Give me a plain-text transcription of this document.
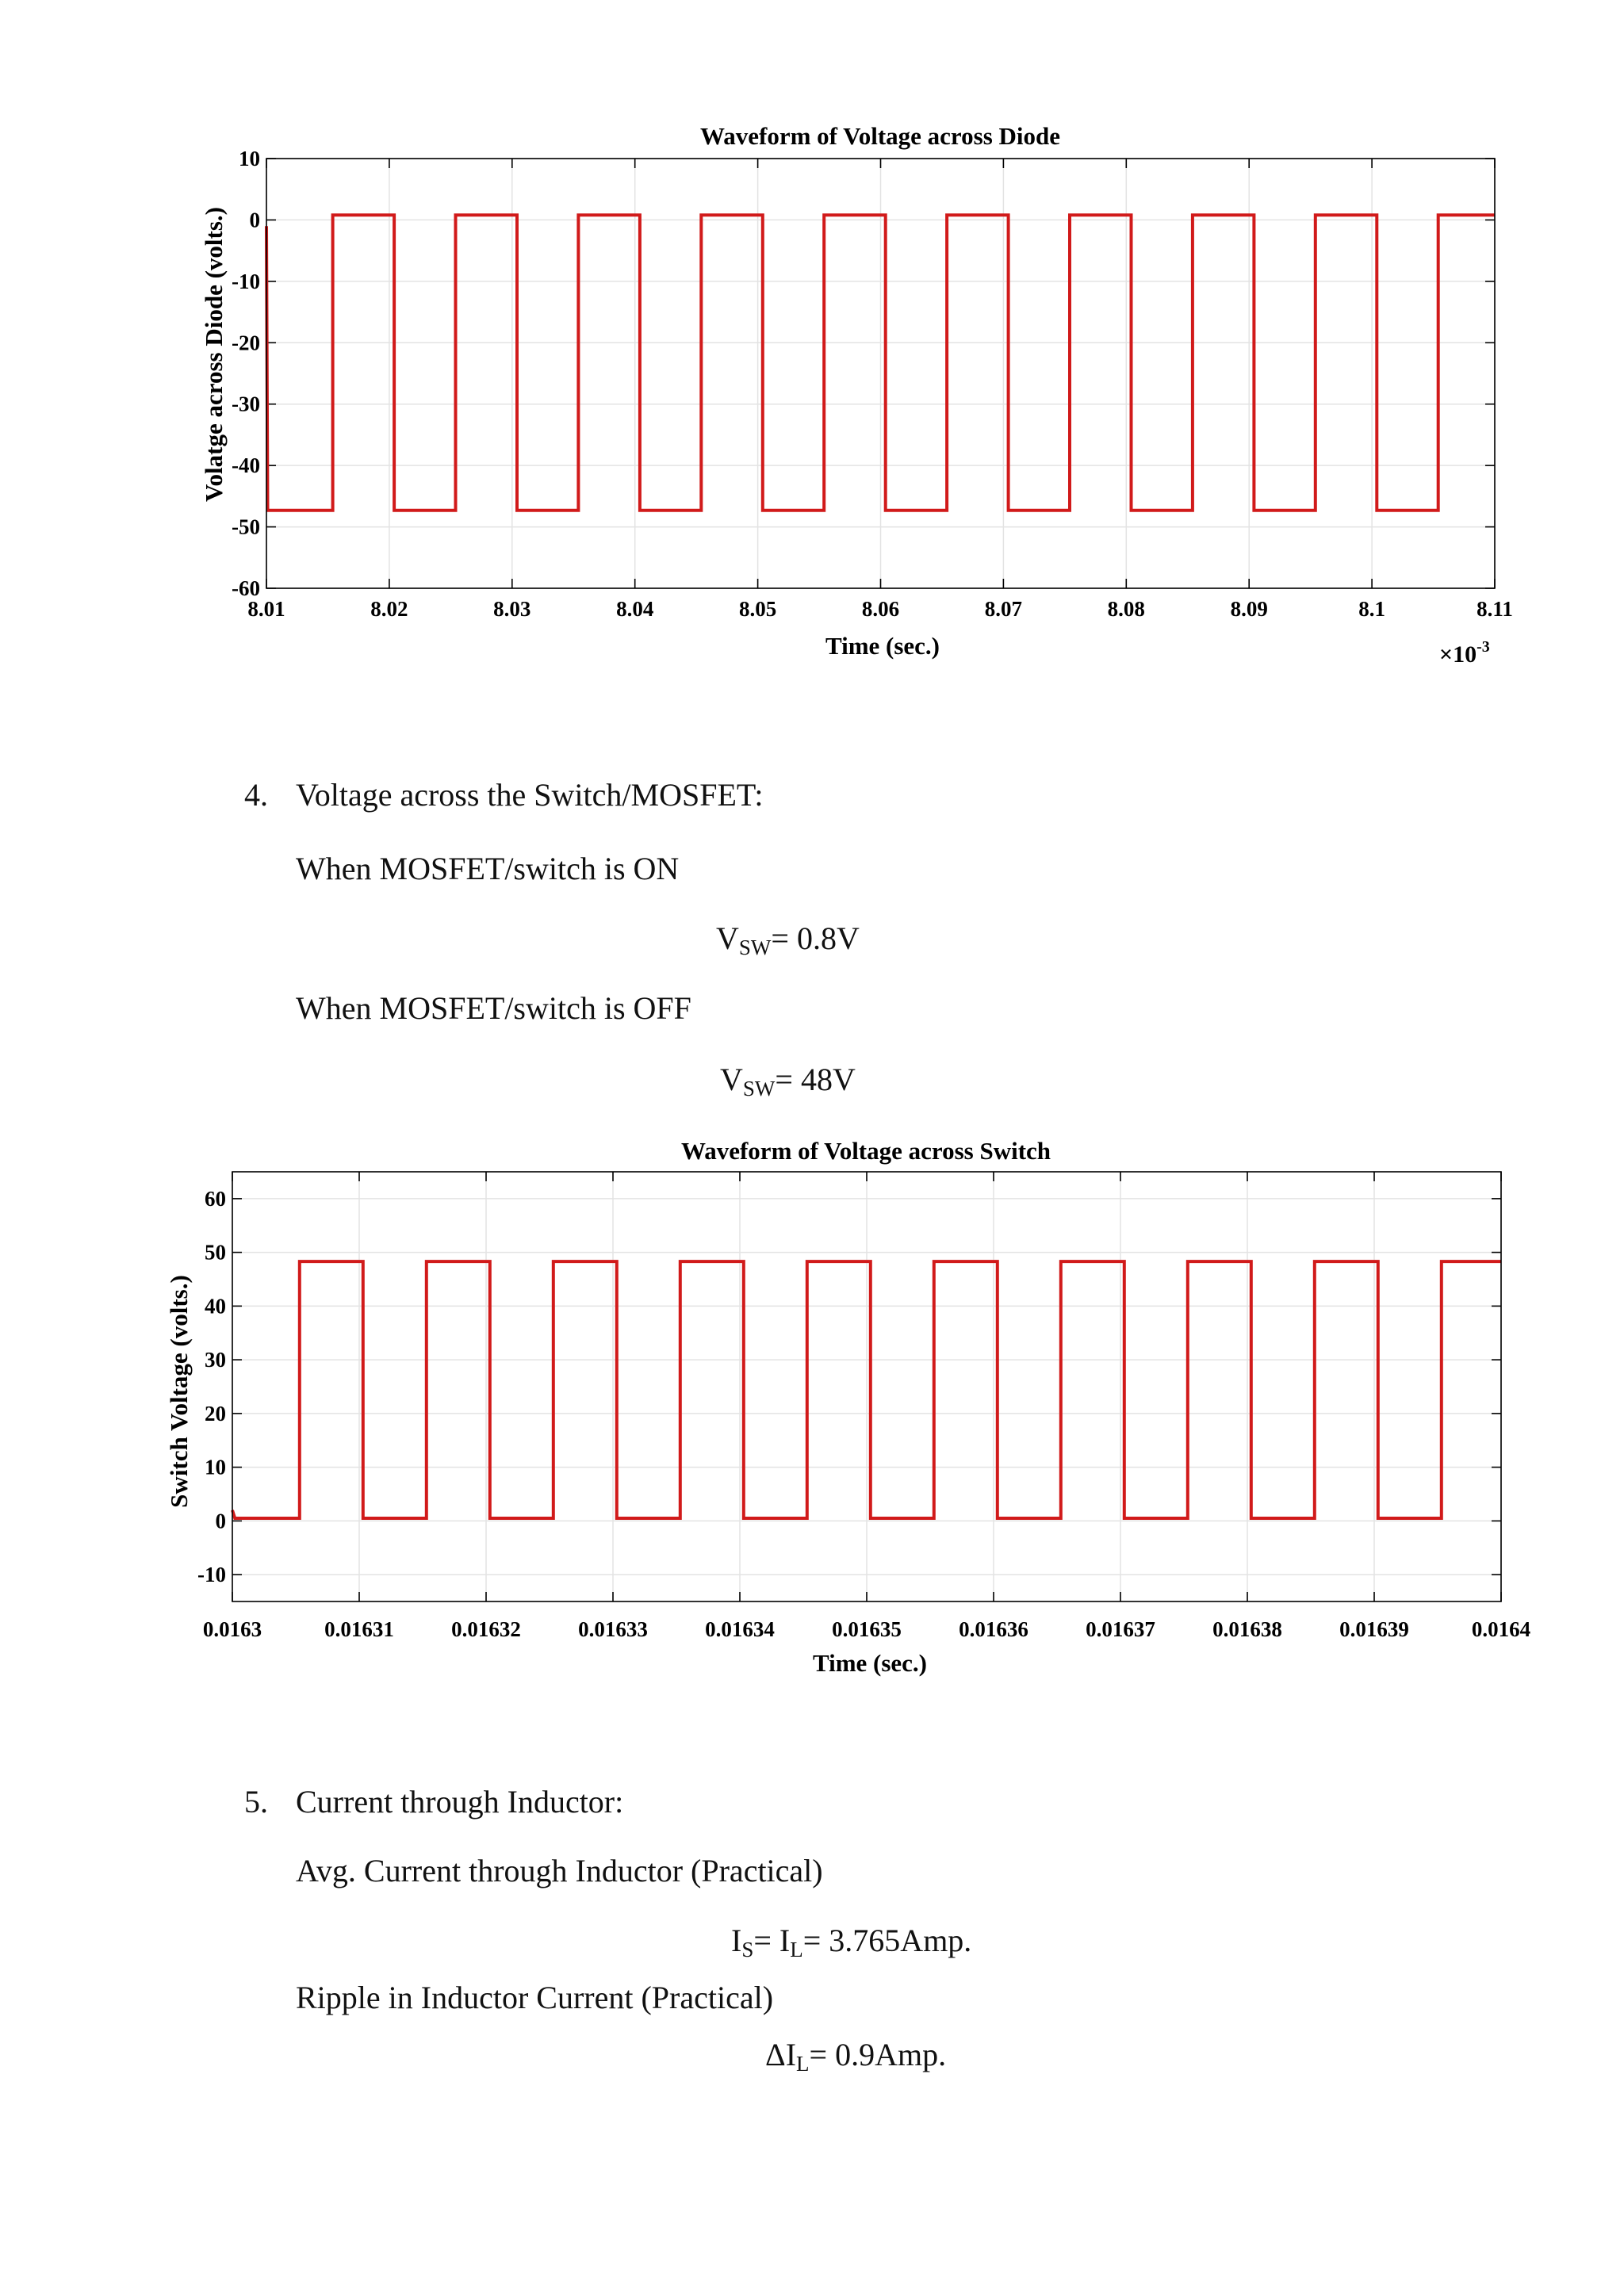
8.01	8.02	8.03	8.04	8.05	8.06	8.07	8.08	8.09	8.1	8.11
10
0
-10
-20
-30
-40
-50
-60
Waveform of Voltage across Diode
Time (sec.)
Volatge across Diode (volts.)
$\times 10^{-3}$
4. Voltage across the Switch/MOSFET:
When MOSFET/switch is ON
$V_{SW}= 0.8V$
When MOSFET/switch is OFF
$V_{SW}= 48V$
0.0163	0.01631	0.01632	0.01633	0.01634	0.01635	0.01636	0.01637	0.01638	0.01639	0.0164
60
50
40
30
20
10
0
-10
Waveform of Voltage across Switch
Time (sec.)
Switch Voltage (volts.)
5. Current through Inductor:
Avg. Current through Inductor (Practical)
$I_S= I_L= 3.765Amp$.
Ripple in Inductor Current (Practical)
$\Delta I_L= 0.9Amp$.
